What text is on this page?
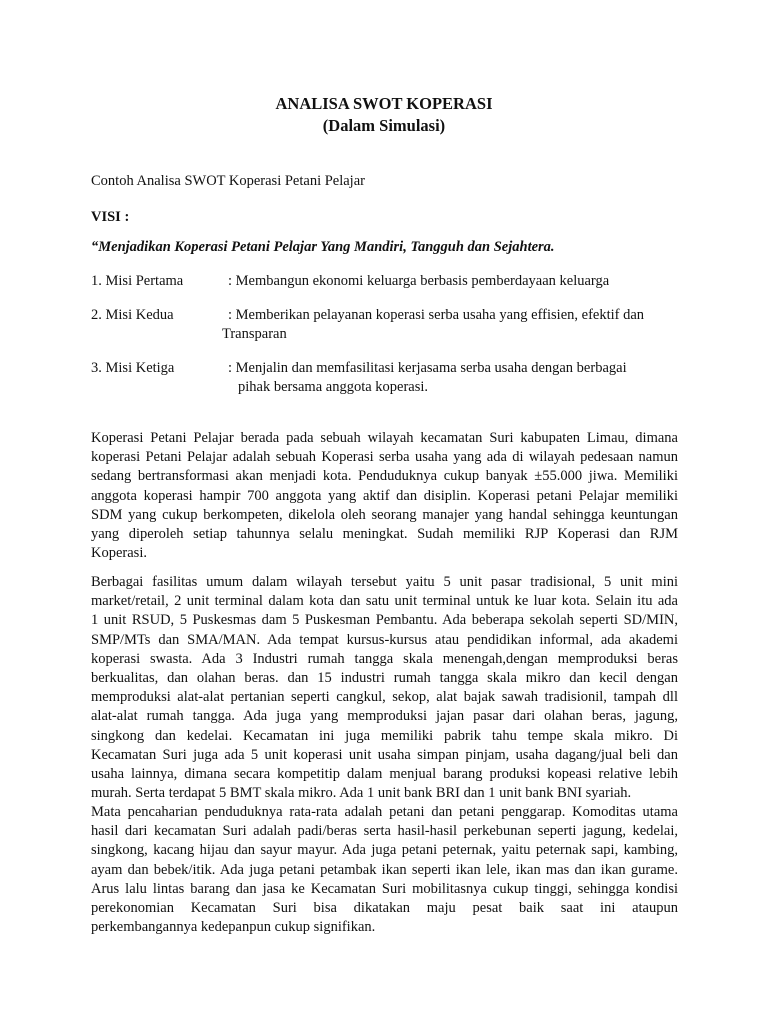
ANALISA SWOT KOPERASI
(Dalam Simulasi)
Contoh Analisa SWOT Koperasi Petani Pelajar
VISI :
“Menjadikan Koperasi Petani Pelajar Yang Mandiri, Tangguh dan Sejahtera.
1. Misi Pertama	: Membangun ekonomi keluarga berbasis pemberdayaan keluarga
2. Misi Kedua	: Memberikan pelayanan koperasi serba usaha yang effisien, efektif dan
Transparan
3. Misi Ketiga	: Menjalin dan memfasilitasi kerjasama serba usaha dengan berbagai
pihak bersama anggota koperasi.
Koperasi Petani Pelajar berada pada sebuah wilayah kecamatan Suri kabupaten Limau, dimana
koperasi Petani Pelajar adalah sebuah Koperasi serba usaha yang ada di wilayah pedesaan namun
sedang bertransformasi akan menjadi kota. Penduduknya cukup banyak ±55.000 jiwa. Memiliki
anggota koperasi hampir 700 anggota yang aktif dan disiplin. Koperasi petani Pelajar memiliki
SDM yang cukup berkompeten, dikelola oleh seorang manajer yang handal sehingga keuntungan
yang diperoleh setiap tahunnya selalu meningkat. Sudah memiliki RJP Koperasi dan RJM
Koperasi.
Berbagai fasilitas umum dalam wilayah tersebut yaitu 5 unit pasar tradisional, 5 unit mini
market/retail, 2 unit terminal dalam kota dan satu unit terminal untuk ke luar kota. Selain itu ada
1 unit RSUD, 5 Puskesmas dam 5 Puskesman Pembantu. Ada beberapa sekolah seperti SD/MIN,
SMP/MTs dan SMA/MAN. Ada tempat kursus-kursus atau pendidikan informal, ada akademi
koperasi swasta. Ada 3 Industri rumah tangga skala menengah,dengan memproduksi beras
berkualitas, dan olahan beras. dan 15 industri rumah tangga skala mikro dan kecil dengan
memproduksi alat-alat pertanian seperti cangkul, sekop, alat bajak sawah tradisionil, tampah dll
alat-alat rumah tangga. Ada juga yang memproduksi jajan pasar dari olahan beras, jagung,
singkong dan kedelai. Kecamatan ini juga memiliki pabrik tahu tempe skala mikro. Di
Kecamatan Suri juga ada 5 unit koperasi unit usaha simpan pinjam, usaha dagang/jual beli dan
usaha lainnya, dimana secara kompetitip dalam menjual barang produksi kopeasi relative lebih
murah. Serta terdapat 5 BMT skala mikro. Ada 1 unit bank BRI dan 1 unit bank BNI syariah.
Mata pencaharian penduduknya rata-rata adalah petani dan petani penggarap. Komoditas utama
hasil dari kecamatan Suri adalah padi/beras serta hasil-hasil perkebunan seperti jagung, kedelai,
singkong, kacang hijau dan sayur mayur. Ada juga petani peternak, yaitu peternak sapi, kambing,
ayam dan bebek/itik. Ada juga petani petambak ikan seperti ikan lele, ikan mas dan ikan gurame.
Arus lalu lintas barang dan jasa ke Kecamatan Suri mobilitasnya cukup tinggi, sehingga kondisi
perekonomian Kecamatan Suri bisa dikatakan maju pesat baik saat ini ataupun
perkembangannya kedepanpun cukup signifikan.
